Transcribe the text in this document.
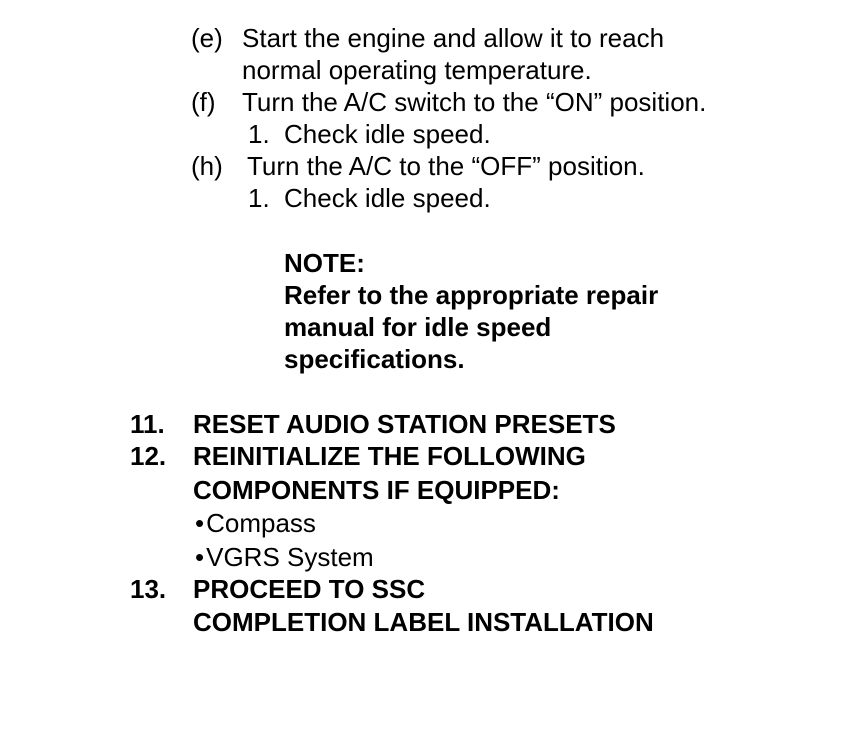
(e) Start the engine and allow it to reach
normal operating temperature.
(f) Turn the A/C switch to the “ON” position.
1. Check idle speed.
(h) Turn the A/C to the “OFF” position.
1. Check idle speed.
NOTE:
Refer to the appropriate repair
manual for idle speed
specifications.
11. RESET AUDIO STATION PRESETS
12. REINITIALIZE THE FOLLOWING
COMPONENTS IF EQUIPPED:
•Compass
•VGRS System
13. PROCEED TO SSC
COMPLETION LABEL INSTALLATION
